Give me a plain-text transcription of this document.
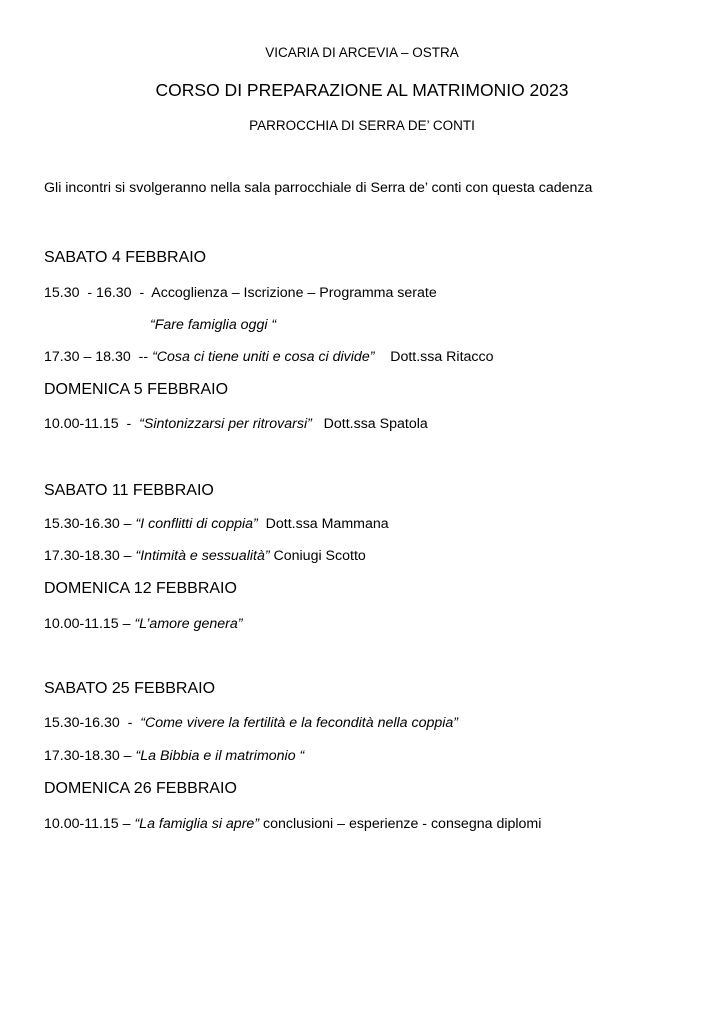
VICARIA DI ARCEVIA – OSTRA
CORSO DI PREPARAZIONE AL MATRIMONIO 2023
PARROCCHIA DI SERRA DE’ CONTI
Gli incontri si svolgeranno nella sala parrocchiale di Serra de’ conti con questa cadenza
SABATO 4 FEBBRAIO
15.30  - 16.30  -  Accoglienza – Iscrizione – Programma serate
“Fare famiglia oggi “
17.30 – 18.30  -- “Cosa ci tiene uniti e cosa ci divide”    Dott.ssa Ritacco
DOMENICA 5 FEBBRAIO
10.00-11.15  -  “Sintonizzarsi per ritrovarsi”   Dott.ssa Spatola
SABATO 11 FEBBRAIO
15.30-16.30 – “I conflitti di coppia”  Dott.ssa Mammana
17.30-18.30 – “Intimità e sessualità” Coniugi Scotto
DOMENICA 12 FEBBRAIO
10.00-11.15 – “L’amore genera”
SABATO 25 FEBBRAIO
15.30-16.30  -  “Come vivere la fertilità e la fecondità nella coppia”
17.30-18.30 – “La Bibbia e il matrimonio “
DOMENICA 26 FEBBRAIO
10.00-11.15 – “La famiglia si apre” conclusioni – esperienze - consegna diplomi
